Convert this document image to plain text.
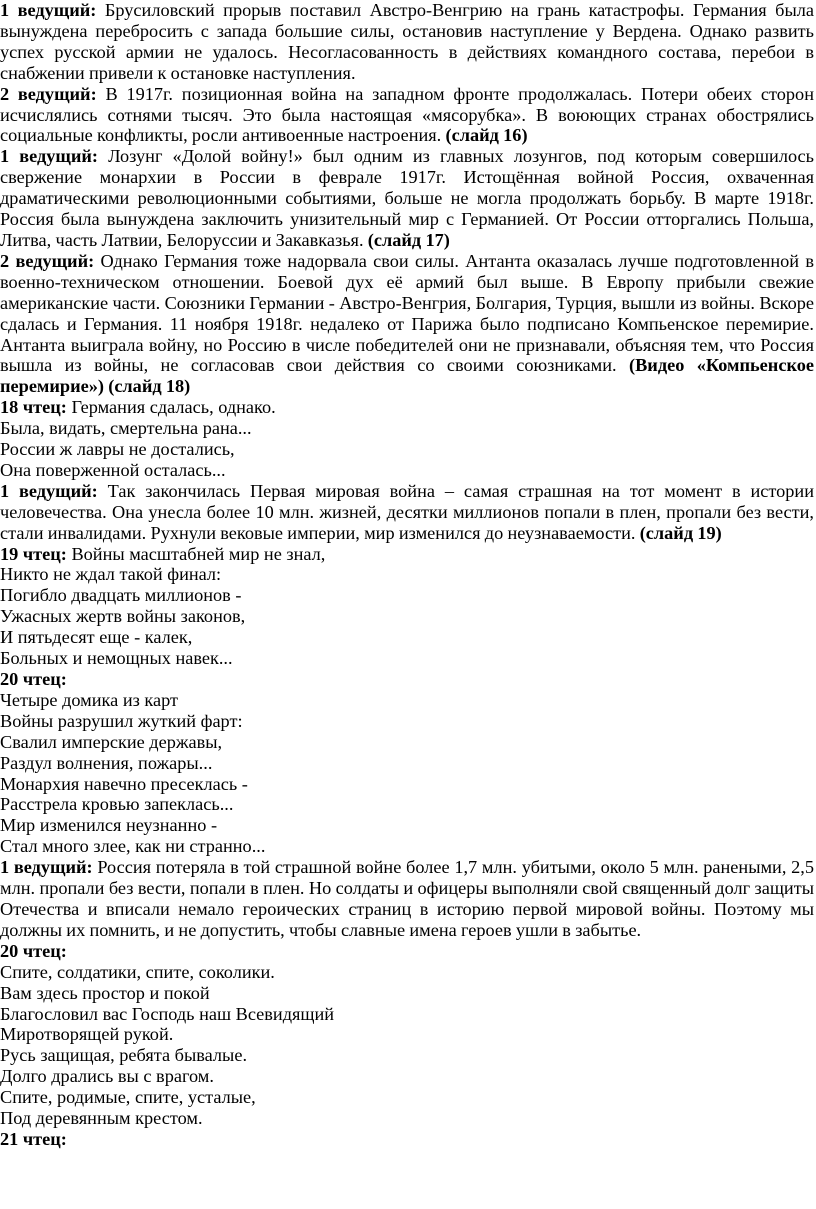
1 ведущий: Брусиловский прорыв поставил Австро-Венгрию на грань катастрофы. Германия была вынуждена перебросить с запада большие силы, остановив наступление у Вердена. Однако развить успех русской армии не удалось. Несогласованность в действиях командного состава, перебои в снабжении привели к остановке наступления.

2 ведущий: В 1917г. позиционная война на западном фронте продолжалась. Потери обеих сторон исчислялись сотнями тысяч. Это была настоящая «мясорубка». В воюющих странах обострялись социальные конфликты, росли антивоенные настроения. (слайд 16)

1 ведущий: Лозунг «Долой войну!» был одним из главных лозунгов, под которым совершилось свержение монархии в России в феврале 1917г. Истощённая войной Россия, охваченная драматическими революционными событиями, больше не могла продолжать борьбу. В марте 1918г. Россия была вынуждена заключить унизительный мир с Германией. От России отторгались Польша, Литва, часть Латвии, Белоруссии и Закавказья. (слайд 17)

2 ведущий: Однако Германия тоже надорвала свои силы. Антанта оказалась лучше подготовленной в военно-техническом отношении. Боевой дух её армий был выше. В Европу прибыли свежие американские части. Союзники Германии - Австро-Венгрия, Болгария, Турция, вышли из войны. Вскоре сдалась и Германия. 11 ноября 1918г. недалеко от Парижа было подписано Компьенское перемирие. Антанта выиграла войну, но Россию в числе победителей они не признавали, объясняя тем, что Россия вышла из войны, не согласовав свои действия со своими союзниками. (Видео «Компьенское перемирие») (слайд 18)

18 чтец: Германия сдалась, однако.

Была, видать, смертельна рана...

России ж лавры не достались,

Она поверженной осталась...

1 ведущий: Так закончилась Первая мировая война – самая страшная на тот момент в истории человечества. Она унесла более 10 млн. жизней, десятки миллионов попали в плен, пропали без вести, стали инвалидами. Рухнули вековые империи, мир изменился до неузнаваемости. (слайд 19)

19 чтец: Войны масштабней мир не знал,

Никто не ждал такой финал:

Погибло двадцать миллионов -

Ужасных жертв войны законов,

И пятьдесят еще - калек,

Больных и немощных навек...

20 чтец:

Четыре домика из карт

Войны разрушил жуткий фарт:

Свалил имперские державы,

Раздул волнения, пожары...

Монархия навечно пресеклась -

Расстрела кровью запеклась...

Мир изменился неузнанно -

Стал много злее, как ни странно...

1 ведущий: Россия потеряла в той страшной войне более 1,7 млн. убитыми, около 5 млн. ранеными, 2,5 млн. пропали без вести, попали в плен. Но солдаты и офицеры выполняли свой священный долг защиты Отечества и вписали немало героических страниц в историю первой мировой войны. Поэтому мы должны их помнить, и не допустить, чтобы славные имена героев ушли в забытье.

20 чтец:

Спите, солдатики, спите, соколики.

Вам здесь простор и покой

Благословил вас Господь наш Всевидящий

Миротворящей рукой.

Русь защищая, ребята бывалые.

Долго дрались вы с врагом.

Спите, родимые, спите, усталые,

Под деревянным крестом.

21 чтец:
